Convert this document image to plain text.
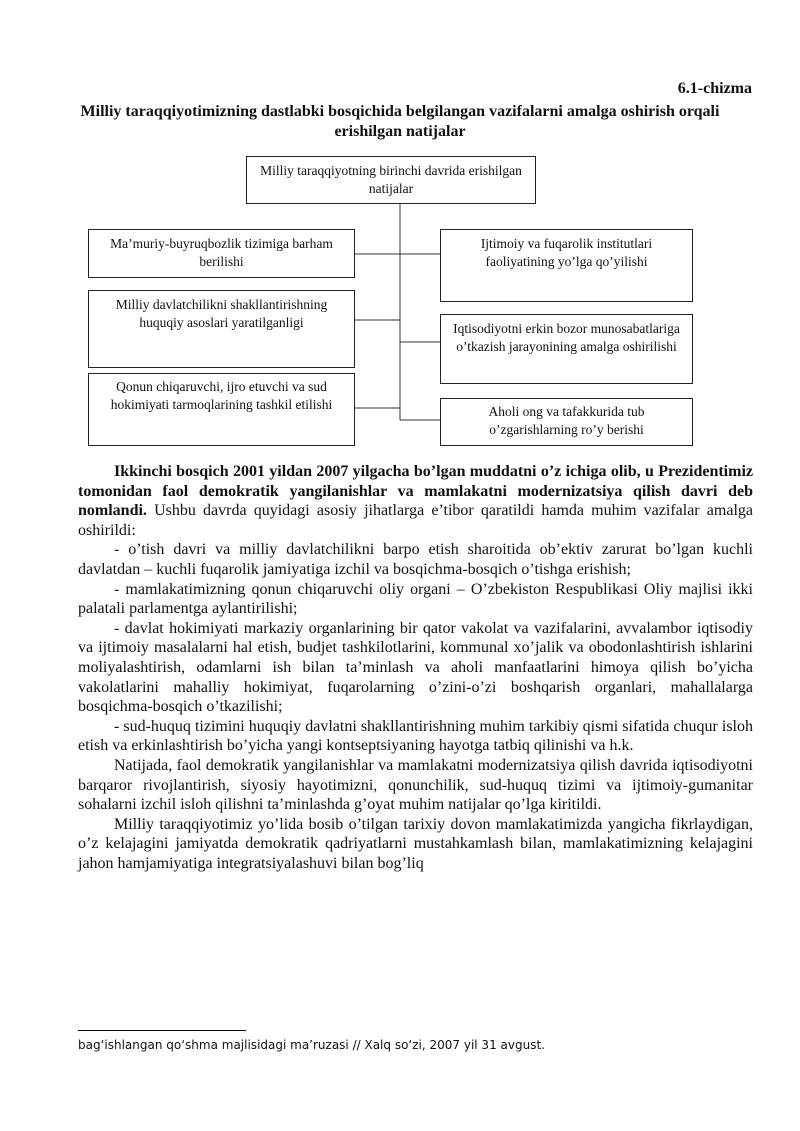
6.1-chizma
Milliy taraqqiyotimizning dastlabki bosqichida belgilangan vazifalarni amalga oshirish orqali erishilgan natijalar
Milliy taraqqiyotning birinchi davrida erishilgan natijalar
Ma’muriy-buyruqbozlik tizimiga barham berilishi
Milliy davlatchilikni shakllantirishning huquqiy asoslari yaratilganligi
Qonun chiqaruvchi, ijro etuvchi va sud hokimiyati tarmoqlarining tashkil etilishi
Ijtimoiy va fuqarolik institutlari faoliyatining yo’lga qo’yilishi
Iqtisodiyotni erkin bozor munosabatlariga o’tkazish jarayonining amalga oshirilishi
Aholi ong va tafakkurida tub o’zgarishlarning ro’y berishi

Ikkinchi bosqich 2001 yildan 2007 yilgacha bo’lgan muddatni o’z ichiga olib, u Prezidentimiz tomonidan faol demokratik yangilanishlar va mamlakatni modernizatsiya qilish davri deb nomlandi. Ushbu davrda quyidagi asosiy jihatlarga e’tibor qaratildi hamda muhim vazifalar amalga oshirildi:

- o’tish davri va milliy davlatchilikni barpo etish sharoitida ob’ektiv zarurat bo’lgan kuchli davlatdan – kuchli fuqarolik jamiyatiga izchil va bosqichma-bosqich o’tishga erishish;

- mamlakatimizning qonun chiqaruvchi oliy organi – O’zbekiston Respublikasi Oliy majlisi ikki palatali parlamentga aylantirilishi;

- davlat hokimiyati markaziy organlarining bir qator vakolat va vazifalarini, avvalambor iqtisodiy va ijtimoiy masalalarni hal etish, budjet tashkilotlarini, kommunal xo’jalik va obodonlashtirish ishlarini moliyalashtirish, odamlarni ish bilan ta’minlash va aholi manfaatlarini himoya qilish bo’yicha vakolatlarini mahalliy hokimiyat, fuqarolarning o’zini-o’zi boshqarish organlari, mahallalarga bosqichma-bosqich o’tkazilishi;

- sud-huquq tizimini huquqiy davlatni shakllantirishning muhim tarkibiy qismi sifatida chuqur isloh etish va erkinlashtirish bo’yicha yangi kontseptsiyaning hayotga tatbiq qilinishi va h.k.

Natijada, faol demokratik yangilanishlar va mamlakatni modernizatsiya qilish davrida iqtisodiyotni barqaror rivojlantirish, siyosiy hayotimizni, qonunchilik, sud-huquq tizimi va ijtimoiy-gumanitar sohalarni izchil isloh qilishni ta’minlashda g’oyat muhim natijalar qo’lga kiritildi.

Milliy taraqqiyotimiz yo’lida bosib o’tilgan tarixiy dovon mamlakatimizda yangicha fikrlaydigan, o’z kelajagini jamiyatda demokratik qadriyatlarni mustahkamlash bilan, mamlakatimizning kelajagini jahon hamjamiyatiga integratsiyalashuvi bilan bog’liq

bag‘ishlangan qo‘shma majlisidagi ma’ruzasi // Xalq so‘zi, 2007 yil 31 avgust.
